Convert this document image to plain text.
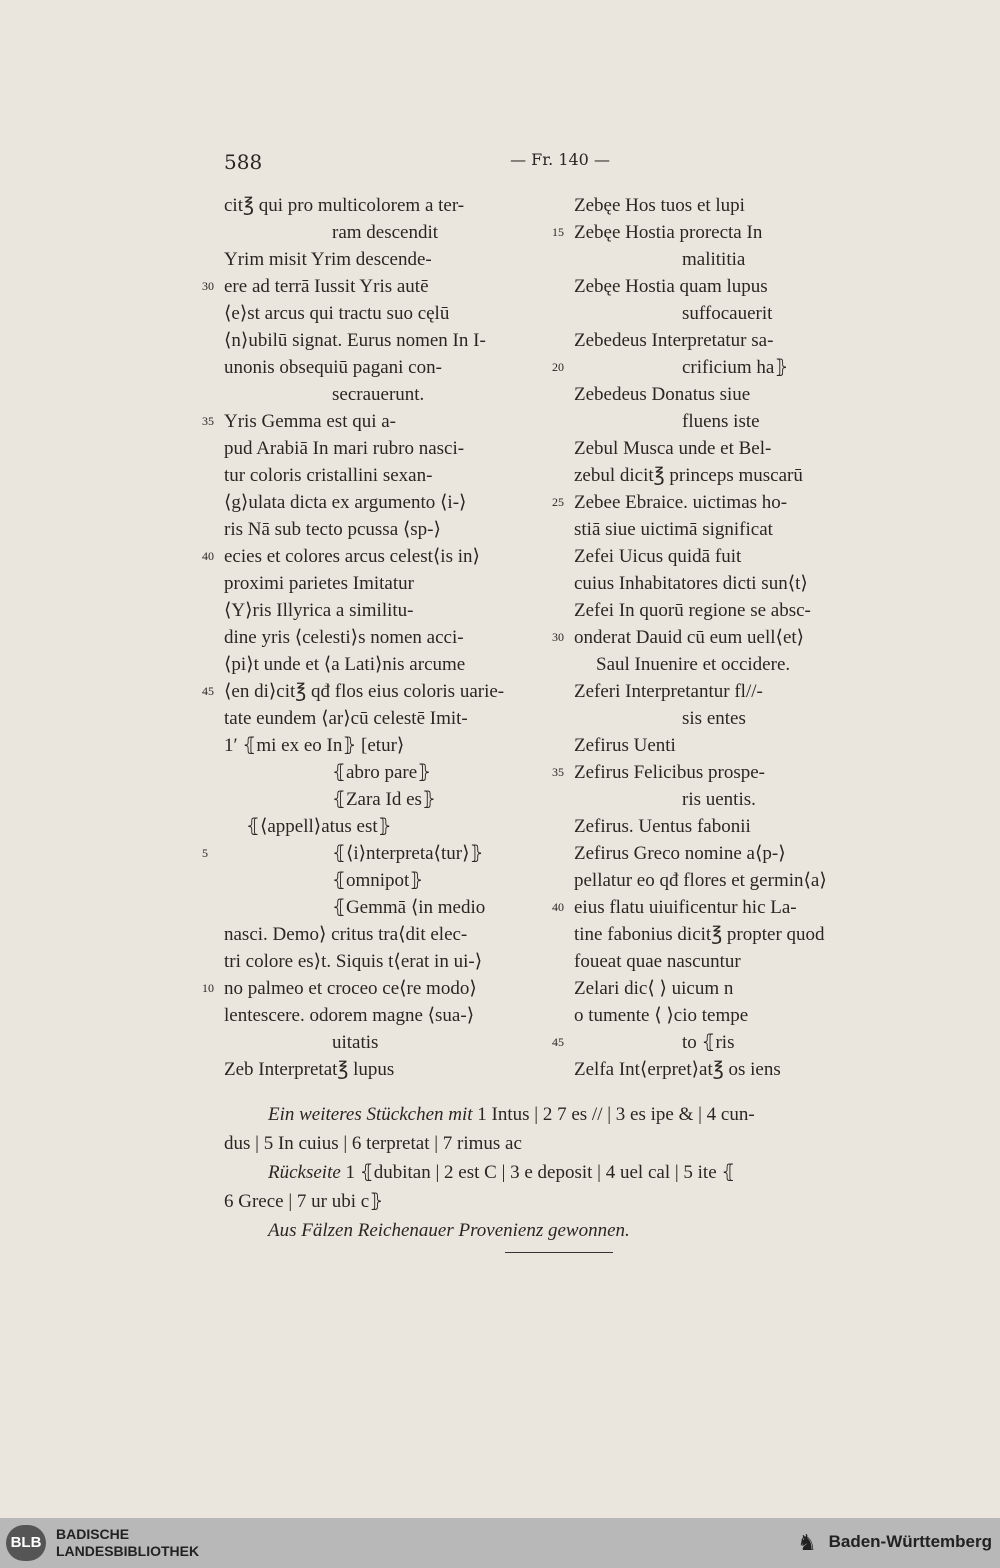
588	— Fr. 140 —
cit℥ qui pro multicolorem a ter-
ram descendit
Yrim misit Yrim descende-
30 ere ad terrā Iussit Yris autē
⟨e⟩st arcus qui tractu suo cęlū
⟨n⟩ubilū signat. Eurus nomen In I-
unonis obsequiū pagani con-
secrauerunt.
35 Yris Gemma est qui a-
pud Arabiā In mari rubro nasci-
tur coloris cristallini sexan-
⟨g⟩ulata dicta ex argumento ⟨i-⟩
ris Nā sub tecto pcussa ⟨sp-⟩
40 ecies et colores arcus celest⟨is in⟩
proximi parietes Imitatur
⟨Y⟩ris Illyrica a similitu-
dine yris ⟨celesti⟩s nomen acci-
⟨pi⟩t unde et ⟨a Lati⟩nis arcume
45 ⟨en di⟩cit℥ qđ flos eius coloris uarie-
tate eundem ⟨ar⟩cū celestē Imit-
1′ ⦃mi ex eo In⦄ [etur⟩
⦃abro pare⦄
⦃Zara Id es⦄
⦃⟨appell⟩atus est⦄
5	⦃⟨i⟩nterpreta⟨tur⟩⦄
⦃omnipot⦄
⦃Gemmā ⟨in medio
nasci. Demo⟩ critus tra⟨dit elec-
tri colore es⟩t. Siquis t⟨erat in ui-⟩
10 no palmeo et croceo ce⟨re modo⟩
lentescere. odorem magne ⟨sua-⟩
uitatis
Zeb Interpretat℥ lupus
Zebęe Hos tuos et lupi
15 Zebęe Hostia prorecta In
malititia
Zebęe Hostia quam lupus
suffocauerit
Zebedeus Interpretatur sa-
20	crificium ha⦄
Zebedeus Donatus siue
fluens iste
Zebul Musca unde et Bel-
zebul dicit℥ princeps muscarū
25 Zebee Ebraice. uictimas ho-
stiā siue uictimā significat
Zefei Uicus quidā fuit
cuius Inhabitatores dicti sun⟨t⟩
Zefei In quorū regione se absc-
30 onderat Dauid cū eum uell⟨et⟩
Saul Inuenire et occidere.
Zeferi Interpretantur fl//-
sis entes
Zefirus Uenti
35 Zefirus Felicibus prospe-
ris uentis.
Zefirus. Uentus fabonii
Zefirus Greco nomine a⟨p-⟩
pellatur eo qđ flores et germin⟨a⟩
40 eius flatu uiuificentur hic La-
tine fabonius dicit℥ propter quod
foueat quae nascuntur
Zelari dic⟨ ⟩ uicum n
o tumente ⟨ ⟩cio tempe
45	to ⦃ris
Zelfa Int⟨erpret⟩at℥ os iens
Ein weiteres Stückchen mit 1 Intus | 2 7 es // | 3 es ipe & | 4 cun-
dus | 5 In cuius | 6 terpretat | 7 rimus ac
Rückseite 1 ⦃dubitan | 2 est C | 3 e deposit | 4 uel cal | 5 ite ⦃
6 Grece | 7 ur ubi c⦄
Aus Fälzen Reichenauer Provenienz gewonnen.
BLB	BADISCHE
LANDESBIBLIOTHEK	♞ Baden-Württemberg
